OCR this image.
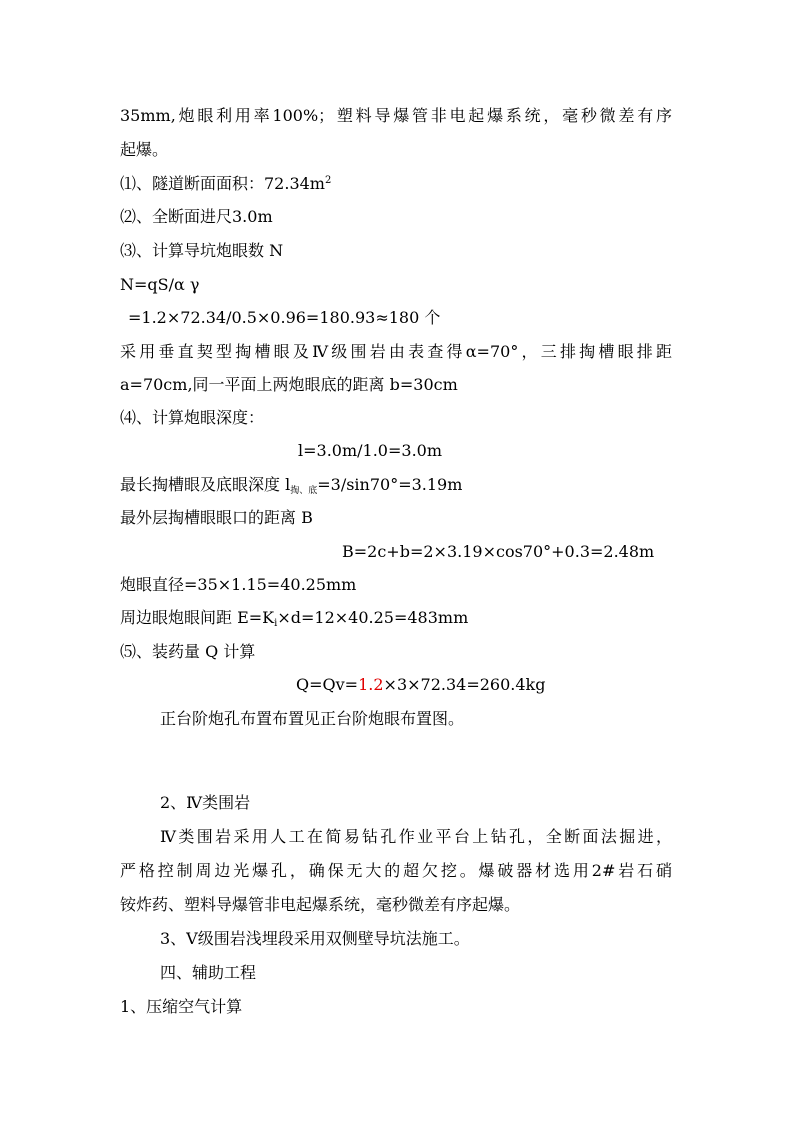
35mm,炮眼利用率100%；塑料导爆管非电起爆系统，毫秒微差有序
起爆。
⑴、隧道断面面积：$72.34m^2$
⑵、全断面进尺3.0m
⑶、计算导坑炮眼数 N
N=qS/α γ
=1.2×72.34/0.5×0.96=180.93≈180 个
采用垂直契型掏槽眼及Ⅳ级围岩由表查得α=70°，三排掏槽眼排距
a=70cm,同一平面上两炮眼底的距离 b=30cm
⑷、计算炮眼深度：
l=3.0m/1.0=3.0m
最长掏槽眼及底眼深度 $l_{掏、底}=3/\sin 70^\circ=3.19m$
最外层掏槽眼眼口的距离 B
B=2c+b=2×3.19×cos70°+0.3=2.48m
炮眼直径=35×1.15=40.25mm
周边眼炮眼间距 $E=K_i\times d=12\times 40.25=483mm$
⑸、装药量 Q 计算
Q=Qv=1.2×3×72.34=260.4kg
正台阶炮孔布置布置见正台阶炮眼布置图。
2、Ⅳ类围岩
Ⅳ类围岩采用人工在简易钻孔作业平台上钻孔，全断面法掘进，
严格控制周边光爆孔，确保无大的超欠挖。爆破器材选用2#岩石硝
铵炸药、塑料导爆管非电起爆系统，毫秒微差有序起爆。
3、Ⅴ级围岩浅埋段采用双侧壁导坑法施工。
四、辅助工程
1、压缩空气计算
